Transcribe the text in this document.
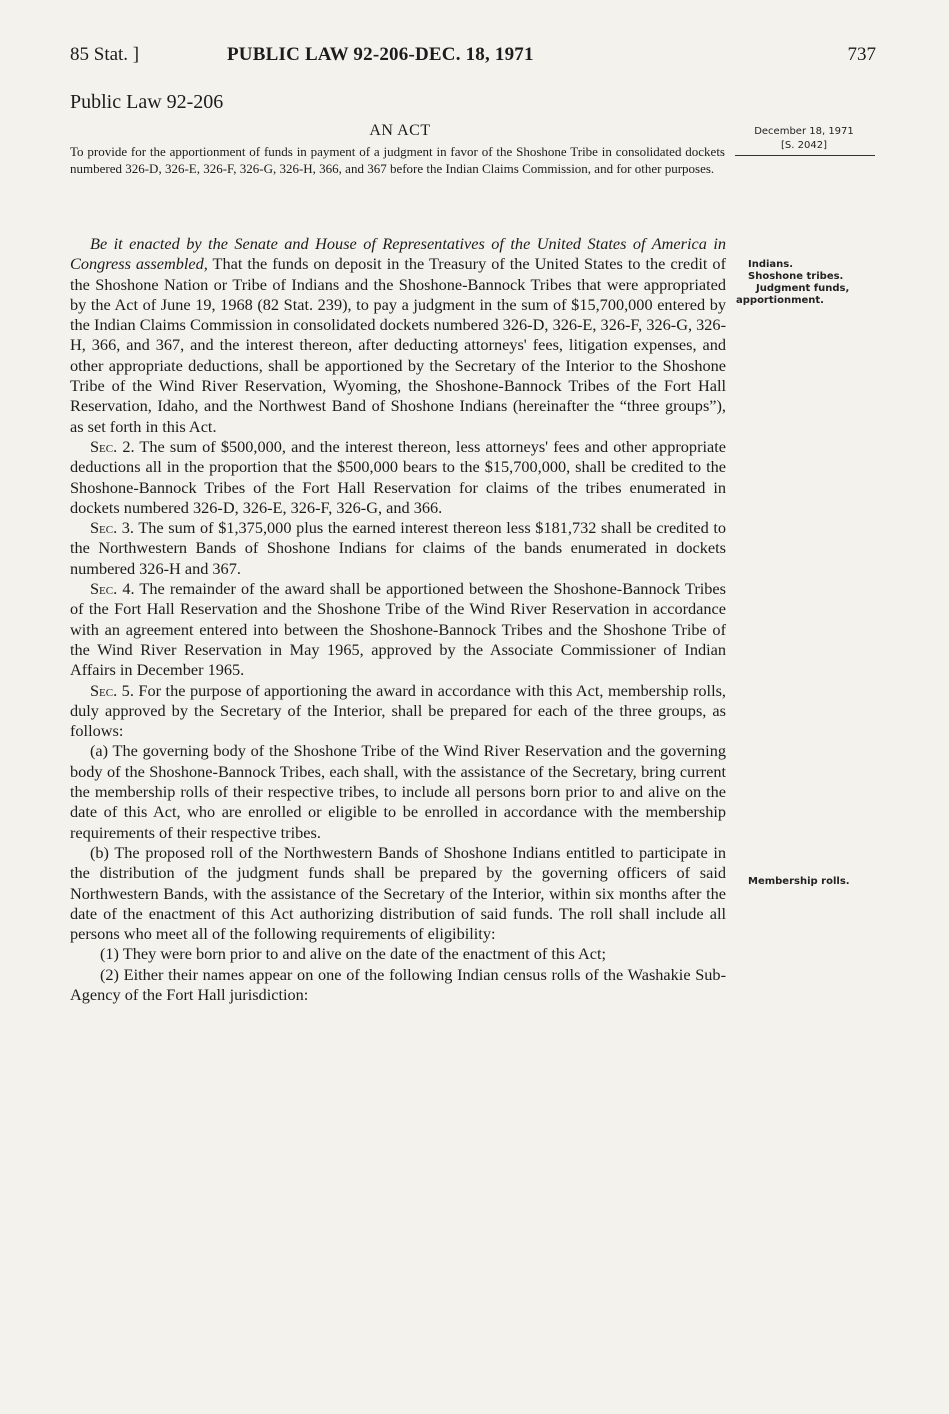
85 Stat. ]	PUBLIC LAW 92-206-DEC. 18, 1971	737
Public Law 92-206
AN ACT
To provide for the apportionment of funds in payment of a judgment in favor of the Shoshone Tribe in consolidated dockets numbered 326-D, 326-E, 326-F, 326-G, 326-H, 366, and 367 before the Indian Claims Commission, and for other purposes.
December 18, 1971
[S. 2042]
Indians.
Shoshone tribes.
Judgment funds,
apportionment.
Membership rolls.

Be it enacted by the Senate and House of Representatives of the United States of America in Congress assembled, That the funds on deposit in the Treasury of the United States to the credit of the Shoshone Nation or Tribe of Indians and the Shoshone-Bannock Tribes that were appropriated by the Act of June 19, 1968 (82 Stat. 239), to pay a judgment in the sum of $15,700,000 entered by the Indian Claims Commission in consolidated dockets numbered 326-D, 326-E, 326-F, 326-G, 326-H, 366, and 367, and the interest thereon, after deducting attorneys' fees, litigation expenses, and other appropriate deductions, shall be apportioned by the Secretary of the Interior to the Shoshone Tribe of the Wind River Reservation, Wyoming, the Shoshone-Bannock Tribes of the Fort Hall Reservation, Idaho, and the Northwest Band of Shoshone Indians (hereinafter the “three groups”), as set forth in this Act.

Sec. 2. The sum of $500,000, and the interest thereon, less attorneys' fees and other appropriate deductions all in the proportion that the $500,000 bears to the $15,700,000, shall be credited to the Shoshone-Bannock Tribes of the Fort Hall Reservation for claims of the tribes enumerated in dockets numbered 326-D, 326-E, 326-F, 326-G, and 366.

Sec. 3. The sum of $1,375,000 plus the earned interest thereon less $181,732 shall be credited to the Northwestern Bands of Shoshone Indians for claims of the bands enumerated in dockets numbered 326-H and 367.

Sec. 4. The remainder of the award shall be apportioned between the Shoshone-Bannock Tribes of the Fort Hall Reservation and the Shoshone Tribe of the Wind River Reservation in accordance with an agreement entered into between the Shoshone-Bannock Tribes and the Shoshone Tribe of the Wind River Reservation in May 1965, approved by the Associate Commissioner of Indian Affairs in December 1965.

Sec. 5. For the purpose of apportioning the award in accordance with this Act, membership rolls, duly approved by the Secretary of the Interior, shall be prepared for each of the three groups, as follows:

(a) The governing body of the Shoshone Tribe of the Wind River Reservation and the governing body of the Shoshone-Bannock Tribes, each shall, with the assistance of the Secretary, bring current the membership rolls of their respective tribes, to include all persons born prior to and alive on the date of this Act, who are enrolled or eligible to be enrolled in accordance with the membership requirements of their respective tribes.

(b) The proposed roll of the Northwestern Bands of Shoshone Indians entitled to participate in the distribution of the judgment funds shall be prepared by the governing officers of said Northwestern Bands, with the assistance of the Secretary of the Interior, within six months after the date of the enactment of this Act authorizing distribution of said funds. The roll shall include all persons who meet all of the following requirements of eligibility:

(1) They were born prior to and alive on the date of the enactment of this Act;

(2) Either their names appear on one of the following Indian census rolls of the Washakie Sub-Agency of the Fort Hall jurisdiction:
